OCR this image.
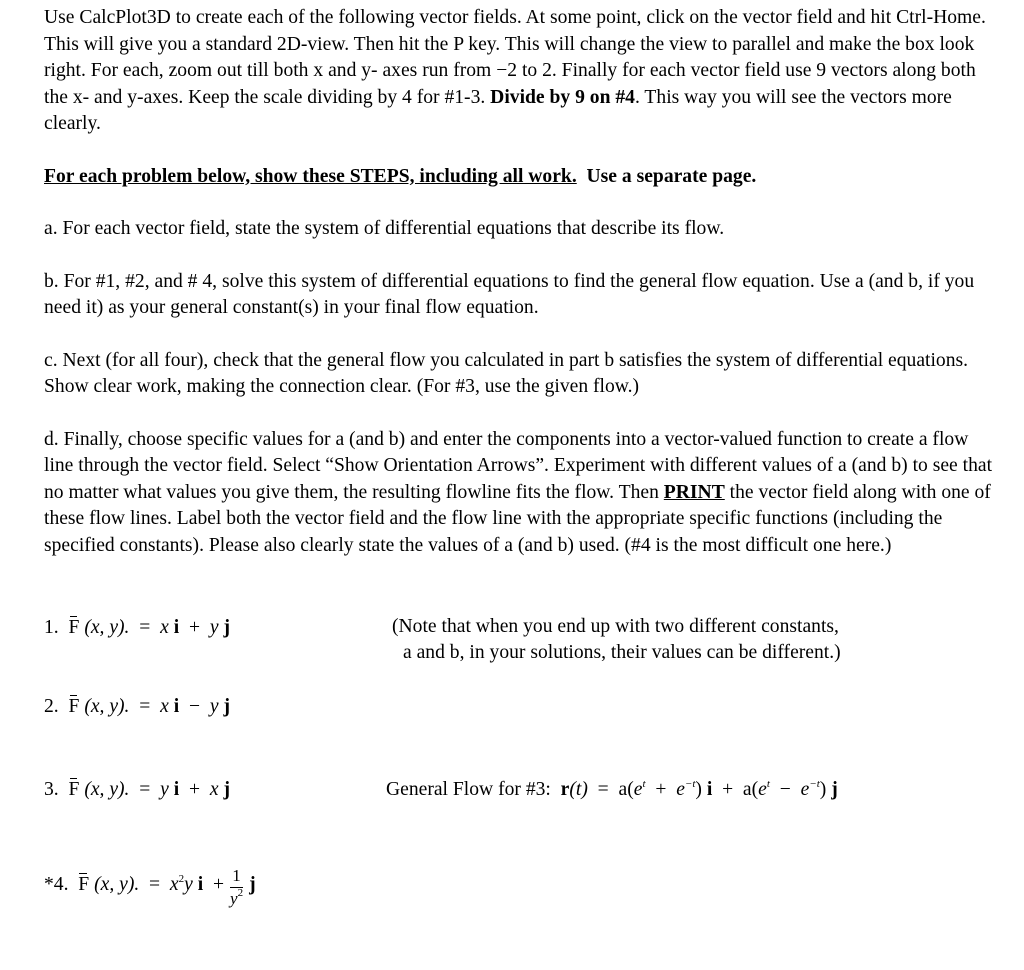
Use CalcPlot3D to create each of the following vector fields. At some point, click on the vector field and hit Ctrl-Home. This will give you a standard 2D-view. Then hit the P key. This will change the view to parallel and make the box look right. For each, zoom out till both x and y- axes run from −2 to 2. Finally for each vector field use 9 vectors along both the x- and y-axes. Keep the scale dividing by 4 for #1-3. Divide by 9 on #4. This way you will see the vectors more clearly.

For each problem below, show these STEPS, including all work. Use a separate page.

a. For each vector field, state the system of differential equations that describe its flow.

b. For #1, #2, and # 4, solve this system of differential equations to find the general flow equation. Use a (and b, if you need it) as your general constant(s) in your final flow equation.

c. Next (for all four), check that the general flow you calculated in part b satisfies the system of differential equations. Show clear work, making the connection clear. (For #3, use the given flow.)

d. Finally, choose specific values for a (and b) and enter the components into a vector-valued function to create a flow line through the vector field. Select “Show Orientation Arrows”. Experiment with different values of a (and b) to see that no matter what values you give them, the resulting flowline fits the flow. Then PRINT the vector field along with one of these flow lines. Label both the vector field and the flow line with the appropriate specific functions (including the specified constants). Please also clearly state the values of a (and b) used. (#4 is the most difficult one here.)

1. F (x, y). = x i + y j	(Note that when you end up with two different constants,
a and b, in your solutions, their values can be different.)
2. F (x, y). = x i − y j
3. F (x, y). = y i + x j	General Flow for #3: $r(t) = a(e^t + e^{-t}) i + a(e^t - e^{-t})$ j
*4. F (x, y). = $x^2y$ $i + \frac{1}{y^2}$ j
